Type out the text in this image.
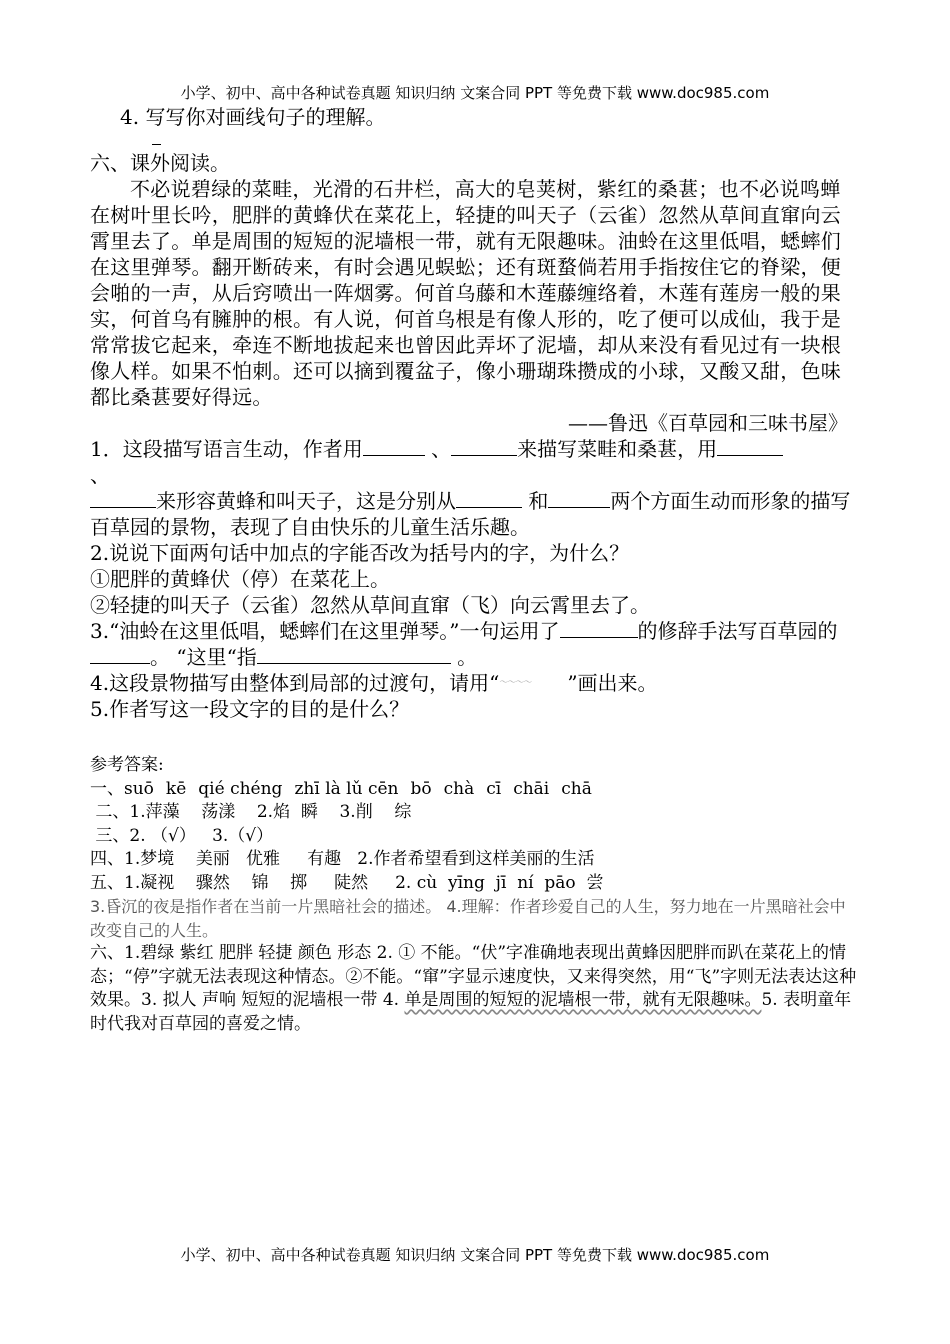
小学、初中、高中各种试卷真题 知识归纳 文案合同 PPT 等免费下载 www.doc985.com

4. 写写你对画线句子的理解。

六、课外阅读。

不必说碧绿的菜畦，光滑的石井栏，高大的皂荚树，紫红的桑葚；也不必说鸣蝉在树叶里长吟，肥胖的黄蜂伏在菜花上，轻捷的叫天子（云雀）忽然从草间直窜向云霄里去了。单是周围的短短的泥墙根一带，就有无限趣味。油蛉在这里低唱，蟋蟀们在这里弹琴。翻开断砖来，有时会遇见蜈蚣；还有斑蝥倘若用手指按住它的脊梁，便会啪的一声，从后窍喷出一阵烟雾。何首乌藤和木莲藤缠络着，木莲有莲房一般的果实，何首乌有臃肿的根。有人说，何首乌根是有像人形的，吃了便可以成仙，我于是常常拔它起来，牵连不断地拔起来也曾因此弄坏了泥墙，却从来没有看见过有一块根像人样。如果不怕刺。还可以摘到覆盆子，像小珊瑚珠攒成的小球，又酸又甜，色味都比桑葚要好得远。

——鲁迅《百草园和三味书屋》

1．这段描写语言生动，作者用	、	来描写菜畦和桑葚，用
、
来形容黄蜂和叫天子，这是分别从	和	两个方面生动而形象的描写百草园的景物，表现了自由快乐的儿童生活乐趣。

2.说说下面两句话中加点的字能否改为括号内的字，为什么？

①肥胖的黄蜂伏（停）在菜花上。

②轻捷的叫天子（云雀）忽然从草间直窜（飞）向云霄里去了。

3.“油蛉在这里低唱，蟋蟀们在这里弹琴。”一句运用了	的修辞手法写百草园的。 “这里“指	。

4.这段景物描写由整体到局部的过渡句，请用“～～～～	”画出来。

5.作者写这一段文字的目的是什么？

参考答案:

一、suō kē qié chéng zhī là lǔ cēn bō chà cī chāi chā

二、1.萍藻    荡漾    2.焰  瞬    3.削    综

三、2. （√）   3.（√）

四、1.梦境    美丽   优雅     有趣   2.作者希望看到这样美丽的生活

五、1.凝视    骤然    锦    掷     陡然     2. cù  yīng  jī  ní  pāo  尝

3.昏沉的夜是指作者在当前一片黑暗社会的描述。 4.理解：作者珍爱自己的人生，努力地在一片黑暗社会中改变自己的人生。

六、1.碧绿 紫红 肥胖 轻捷 颜色 形态 2. ① 不能。“伏”字准确地表现出黄蜂因肥胖而趴在菜花上的情态；“停”字就无法表现这种情态。②不能。“窜”字显示速度快，又来得突然，用“飞”字则无法表达这种效果。3. 拟人 声响 短短的泥墙根一带 4. 单是周围的短短的泥墙根一带，就有无限趣味。5. 表明童年时代我对百草园的喜爱之情。

小学、初中、高中各种试卷真题 知识归纳 文案合同 PPT 等免费下载 www.doc985.com
